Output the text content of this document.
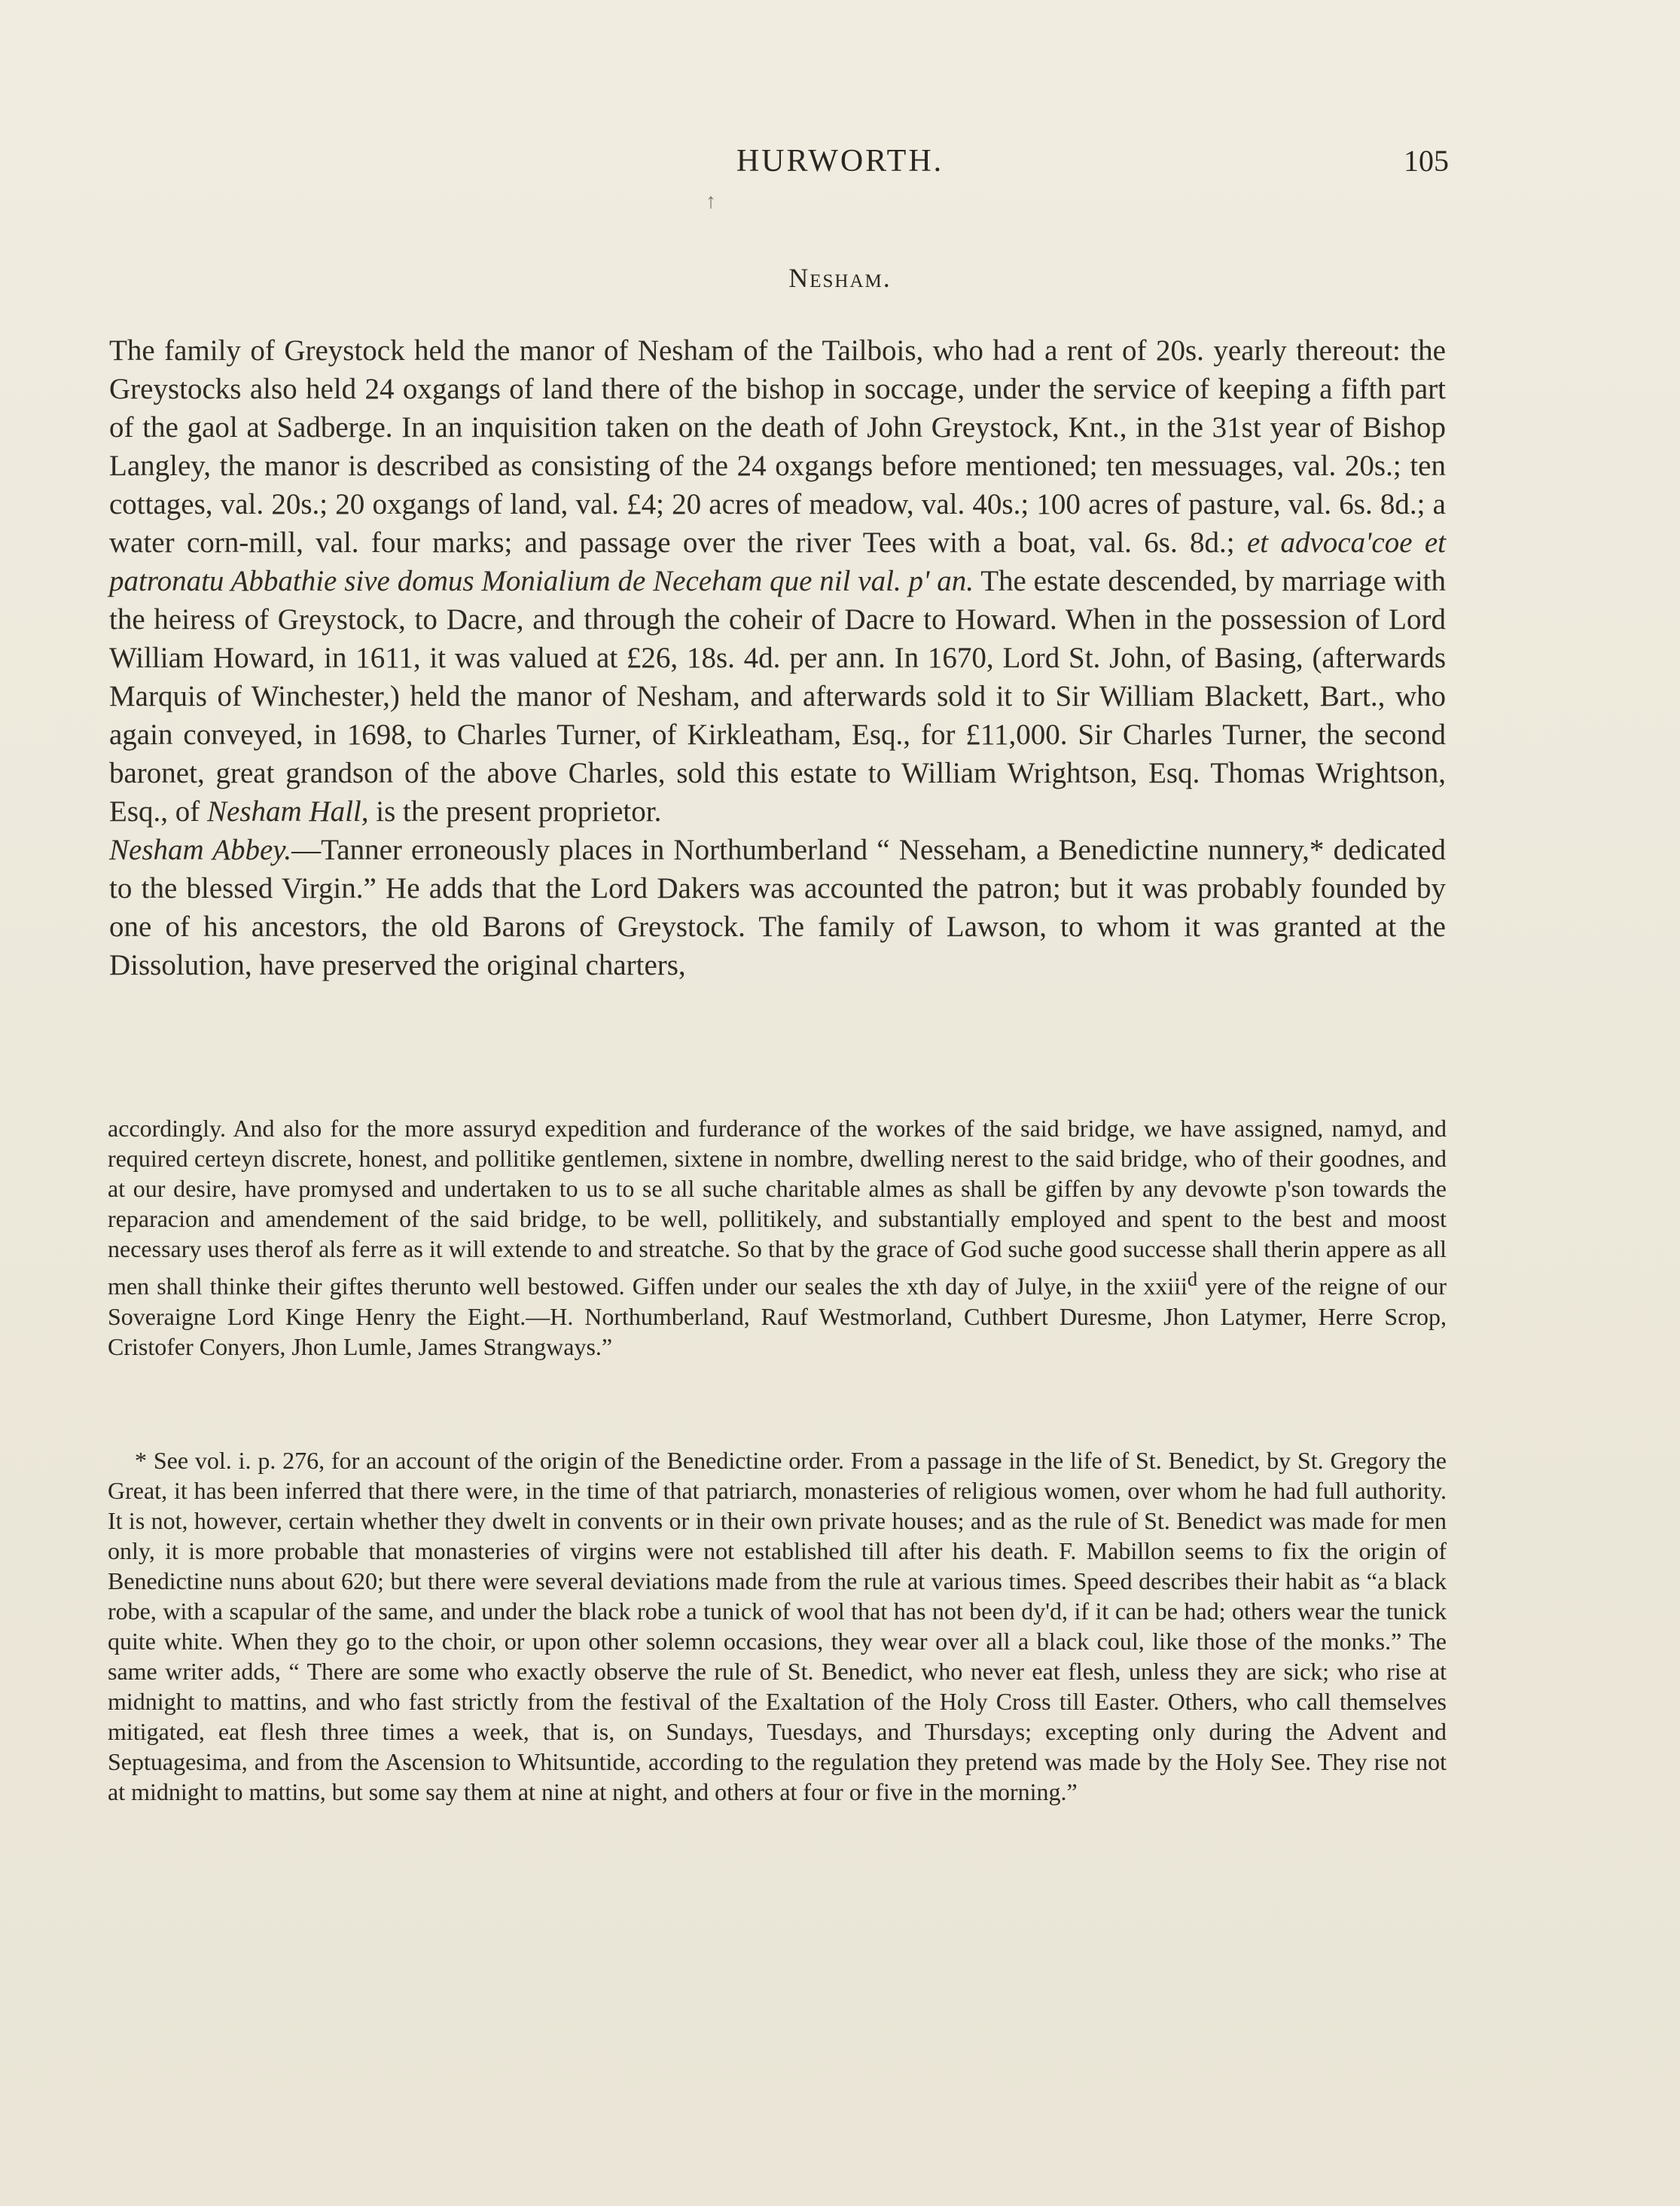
HURWORTH.	105
↑
Nesham.

The family of Greystock held the manor of Nesham of the Tailbois, who had a rent of 20s. yearly thereout: the Greystocks also held 24 oxgangs of land there of the bishop in soccage, under the service of keeping a fifth part of the gaol at Sadberge. In an inquisition taken on the death of John Greystock, Knt., in the 31st year of Bishop Langley, the manor is described as consisting of the 24 oxgangs before mentioned; ten messuages, val. 20s.; ten cottages, val. 20s.; 20 oxgangs of land, val. £4; 20 acres of meadow, val. 40s.; 100 acres of pasture, val. 6s. 8d.; a water corn-mill, val. four marks; and passage over the river Tees with a boat, val. 6s. 8d.; et advoca'coe et patronatu Abbathie sive domus Monialium de Neceham que nil val. p' an. The estate descended, by marriage with the heiress of Greystock, to Dacre, and through the coheir of Dacre to Howard. When in the possession of Lord William Howard, in 1611, it was valued at £26, 18s. 4d. per ann. In 1670, Lord St. John, of Basing, (afterwards Marquis of Winchester,) held the manor of Nesham, and afterwards sold it to Sir William Blackett, Bart., who again conveyed, in 1698, to Charles Turner, of Kirkleatham, Esq., for £11,000. Sir Charles Turner, the second baronet, great grandson of the above Charles, sold this estate to William Wrightson, Esq. Thomas Wrightson, Esq., of Nesham Hall, is the present proprietor.

Nesham Abbey.—Tanner erroneously places in Northumberland “ Nesseham, a Benedictine nunnery,* dedicated to the blessed Virgin.” He adds that the Lord Dakers was accounted the patron; but it was probably founded by one of his ancestors, the old Barons of Greystock. The family of Lawson, to whom it was granted at the Dissolution, have preserved the original charters,

accordingly. And also for the more assuryd expedition and furderance of the workes of the said bridge, we have assigned, namyd, and required certeyn discrete, honest, and pollitike gentlemen, sixtene in nombre, dwelling nerest to the said bridge, who of their goodnes, and at our desire, have promysed and undertaken to us to se all suche charitable almes as shall be giffen by any devowte p'son towards the reparacion and amendement of the said bridge, to be well, pollitikely, and substantially employed and spent to the best and moost necessary uses therof als ferre as it will extende to and streatche. So that by the grace of God suche good successe shall therin appere as all men shall thinke their giftes therunto well bestowed. Giffen under our seales the xth day of Julye, in the xxiii$^d$ yere of the reigne of our Soveraigne Lord Kinge Henry the Eight.—H. Northumberland, Rauf Westmorland, Cuthbert Duresme, Jhon Latymer, Herre Scrop, Cristofer Conyers, Jhon Lumle, James Strangways.”

* See vol. i. p. 276, for an account of the origin of the Benedictine order. From a passage in the life of St. Benedict, by St. Gregory the Great, it has been inferred that there were, in the time of that patriarch, monasteries of religious women, over whom he had full authority. It is not, however, certain whether they dwelt in convents or in their own private houses; and as the rule of St. Benedict was made for men only, it is more probable that monasteries of virgins were not established till after his death. F. Mabillon seems to fix the origin of Benedictine nuns about 620; but there were several deviations made from the rule at various times. Speed describes their habit as “a black robe, with a scapular of the same, and under the black robe a tunick of wool that has not been dy'd, if it can be had; others wear the tunick quite white. When they go to the choir, or upon other solemn occasions, they wear over all a black coul, like those of the monks.” The same writer adds, “ There are some who exactly observe the rule of St. Benedict, who never eat flesh, unless they are sick; who rise at midnight to mattins, and who fast strictly from the festival of the Exaltation of the Holy Cross till Easter. Others, who call themselves mitigated, eat flesh three times a week, that is, on Sundays, Tuesdays, and Thursdays; excepting only during the Advent and Septuagesima, and from the Ascension to Whitsuntide, according to the regulation they pretend was made by the Holy See. They rise not at midnight to mattins, but some say them at nine at night, and others at four or five in the morning.”
